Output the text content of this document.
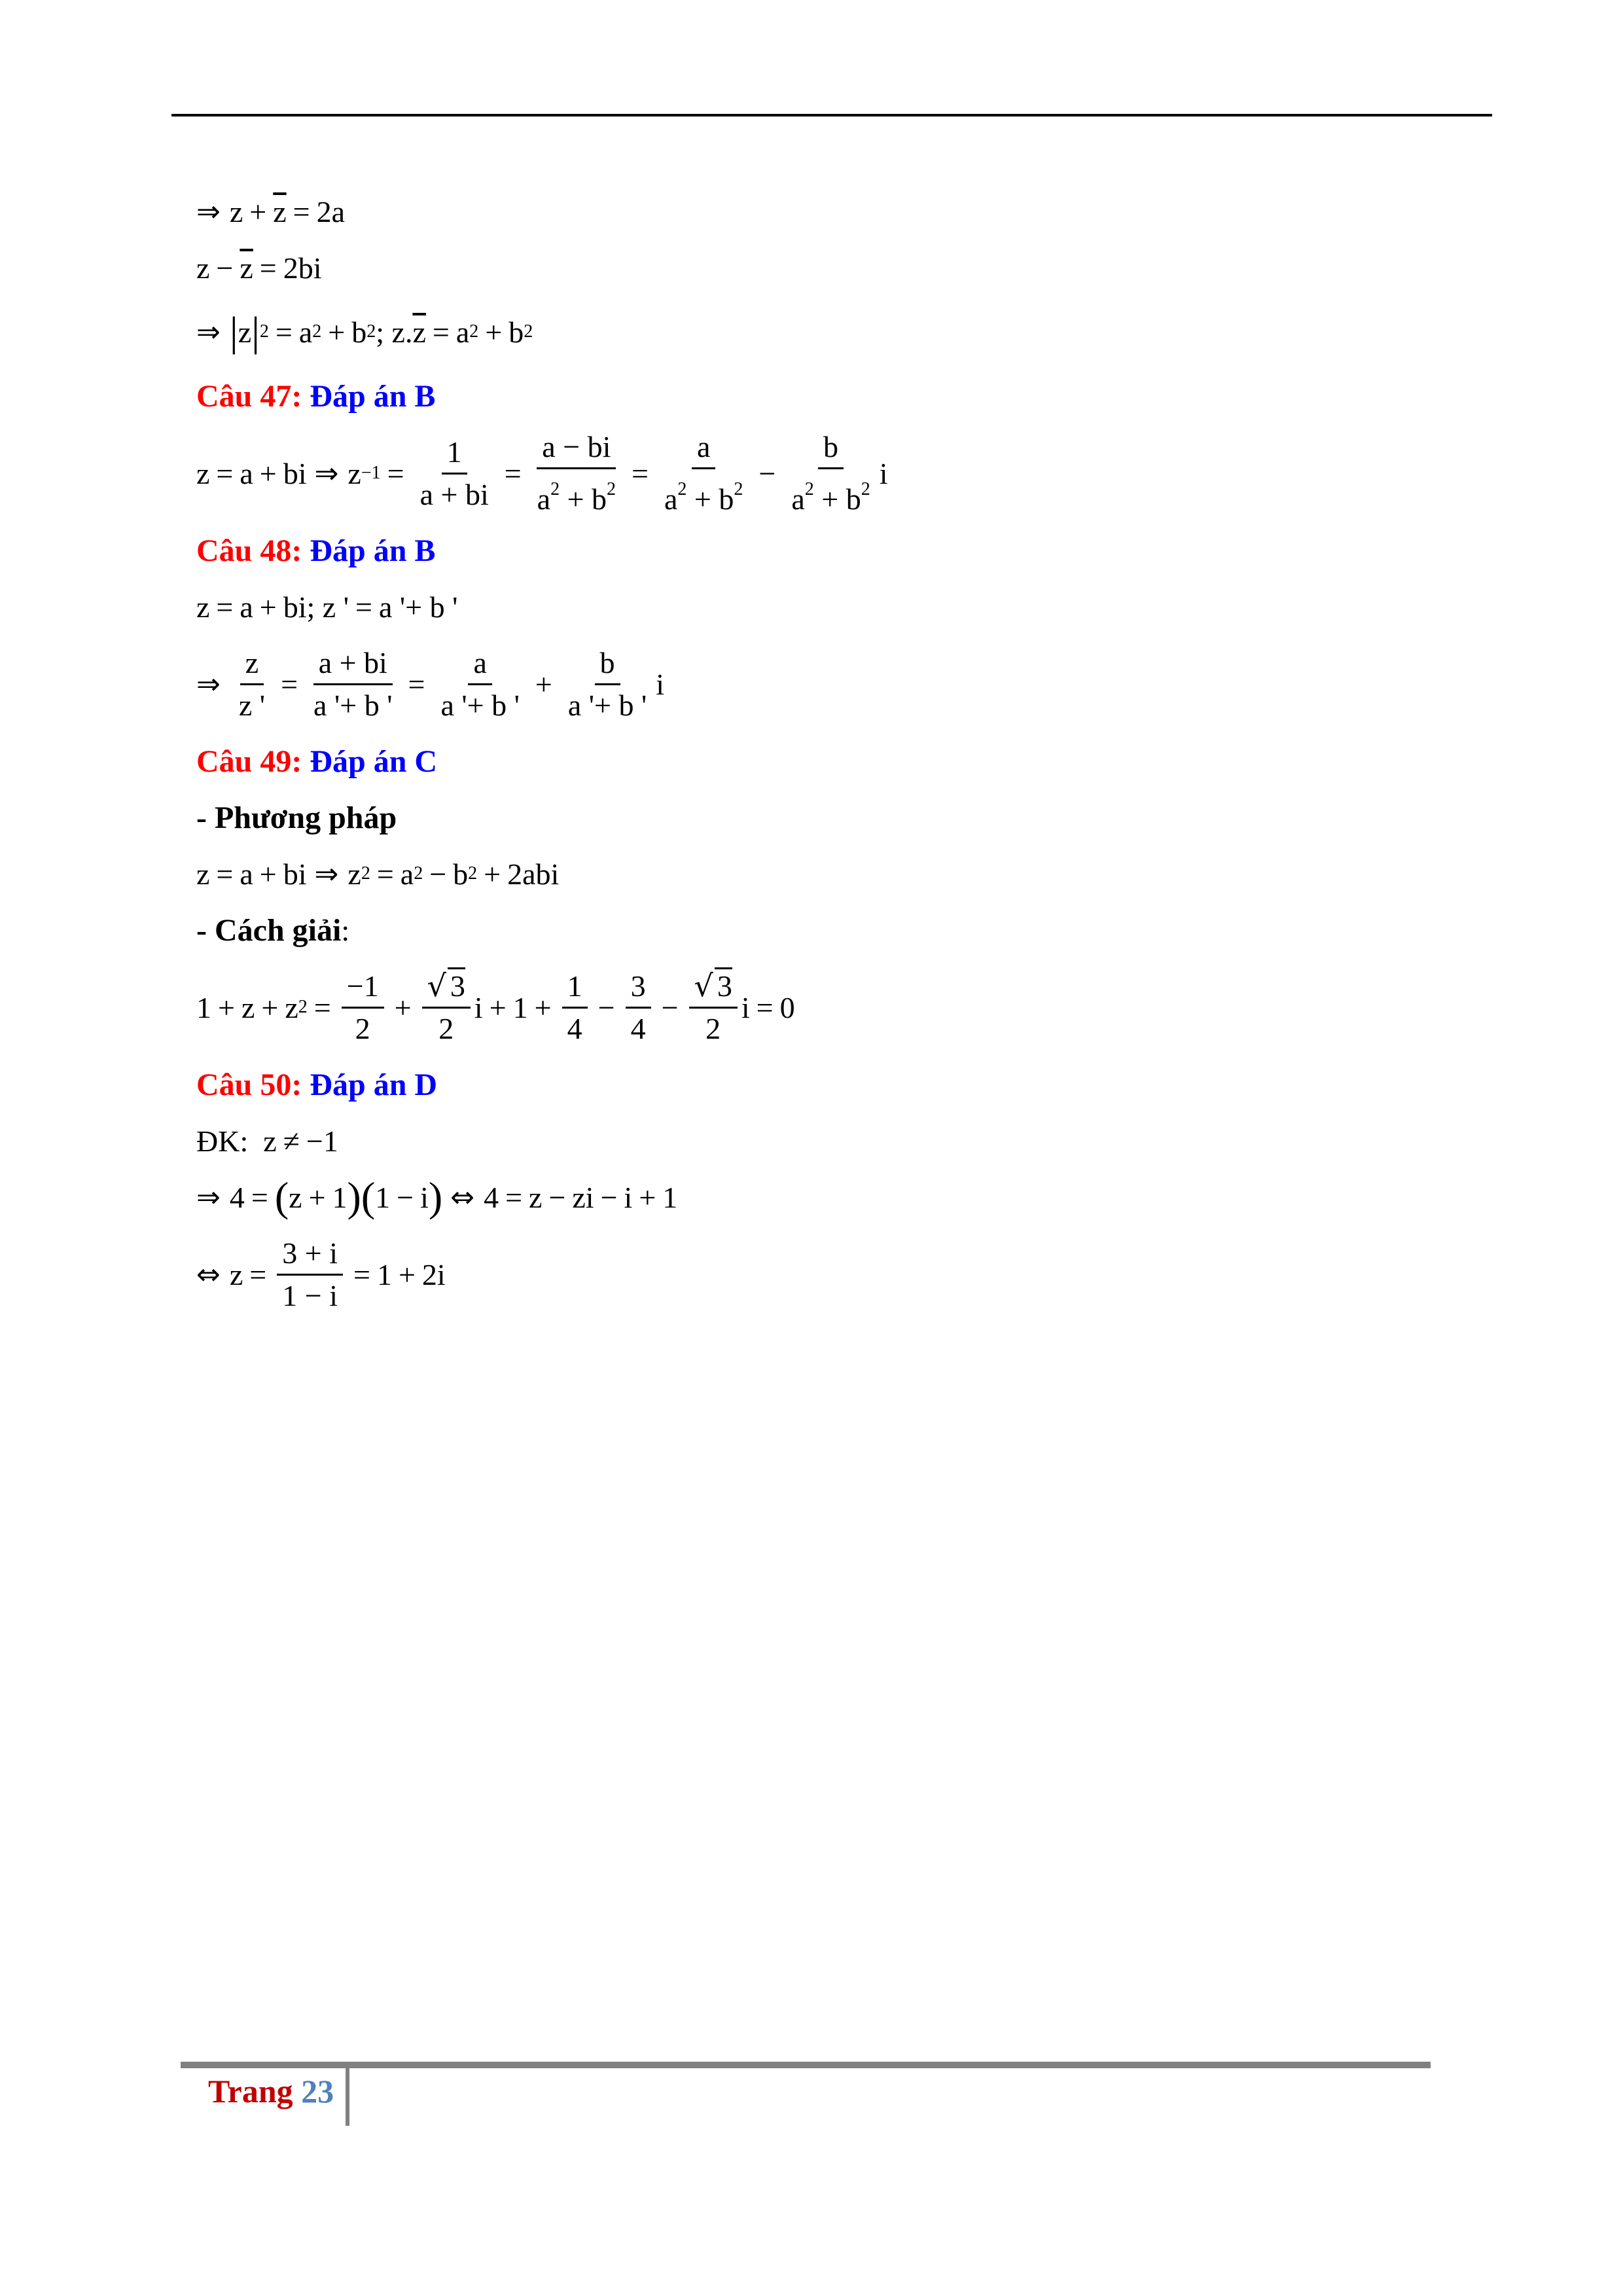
⇒ $z + \overline{z} = 2a$
$z - \overline{z} = 2bi$
⇒ | z | 2 = a 2 + b 2 ; z. $\overline{z} = a$ 2 + b 2
Câu 47:
Đáp án B
z = a + bi ⇒ $z -1 = \frac{1}{a + bi} = \frac{a - bi}{a^2 + b^2} = \frac{a}{a^2 + b^2} - \frac{b}{a^2 + b^2}$ i
Câu 48:
Đáp án B
z = a + bi; z ' = a '+ b '
⇒ $\frac{z}{z '} = \frac{a + bi}{a '+ b '} = \frac{a}{a '+ b '} + \frac{b}{a '+ b '}$ i
Câu 49:
Đáp án C
- Phương pháp
z = a + bi ⇒ z 2 = a 2 − b 2 + 2abi
- Cách giải :
1 + z + z $2 = \frac{-1}{2} + \frac{√ 3}{2}$ $i + 1 + \frac{1}{4} - \frac{3}{4} - \frac{√ 3}{2}$ i = 0
Câu 50:
Đáp án D
ĐK: z ≠ −1
⇒ 4 = ( z + 1 ) ( 1 − i ) ⇔ 4 = z − zi − i + 1
⇔ $z = \frac{3 + i}{1 - i} = 1 + 2i$
Trang 23
